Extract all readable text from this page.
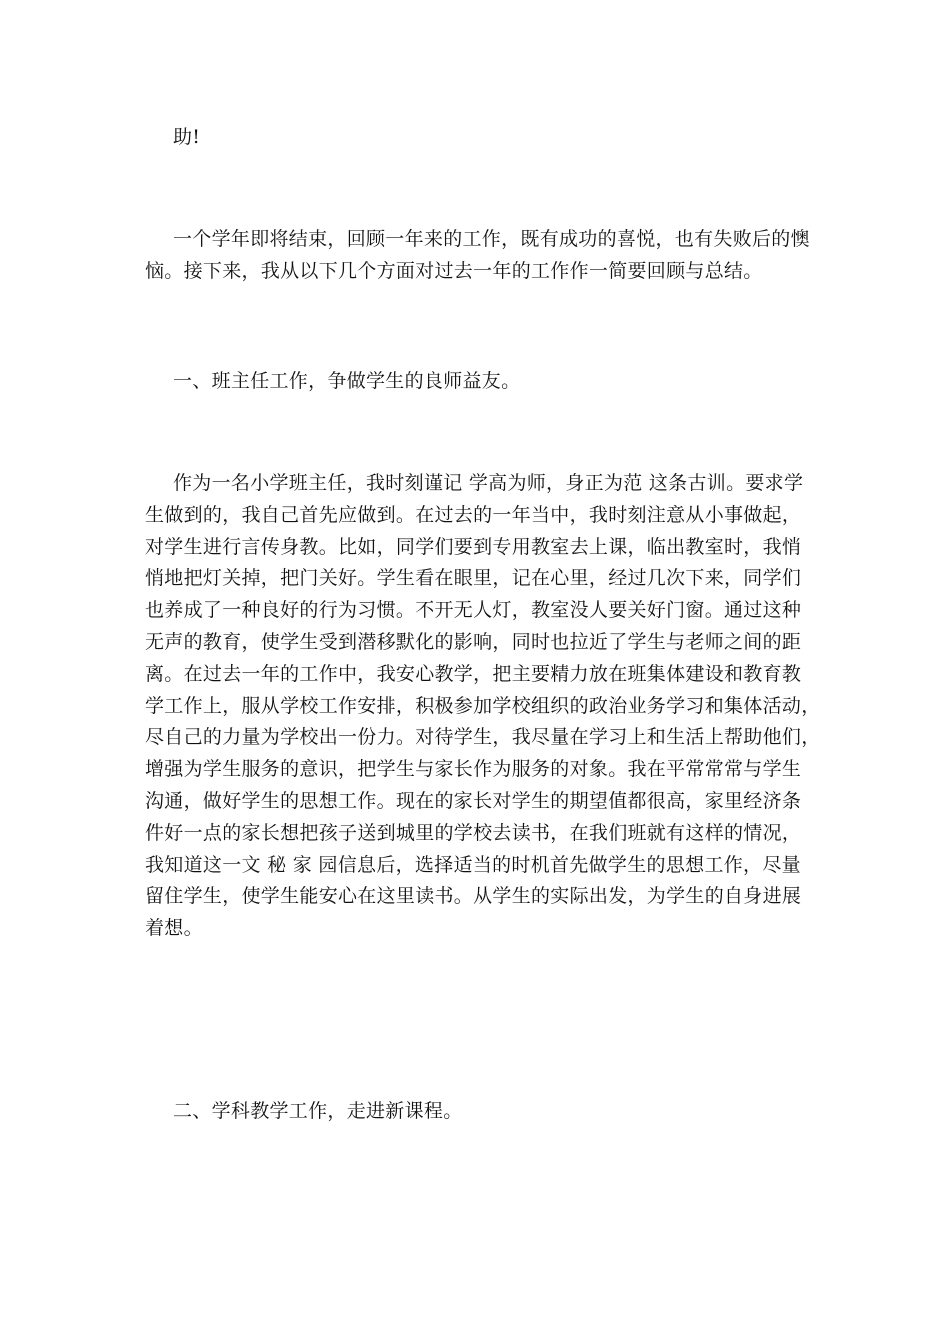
助!
一个学年即将结束，回顾一年来的工作，既有成功的喜悦，也有失败后的懊
恼。接下来，我从以下几个方面对过去一年的工作作一简要回顾与总结。
一、班主任工作，争做学生的良师益友。
作为一名小学班主任，我时刻谨记 学高为师，身正为范 这条古训。要求学
生做到的，我自己首先应做到。在过去的一年当中，我时刻注意从小事做起，
对学生进行言传身教。比如，同学们要到专用教室去上课，临出教室时，我悄
悄地把灯关掉，把门关好。学生看在眼里，记在心里，经过几次下来，同学们
也养成了一种良好的行为习惯。不开无人灯，教室没人要关好门窗。通过这种
无声的教育，使学生受到潜移默化的影响，同时也拉近了学生与老师之间的距
离。在过去一年的工作中，我安心教学，把主要精力放在班集体建设和教育教
学工作上，服从学校工作安排，积极参加学校组织的政治业务学习和集体活动，
尽自己的力量为学校出一份力。对待学生，我尽量在学习上和生活上帮助他们，
增强为学生服务的意识，把学生与家长作为服务的对象。我在平常常常与学生
沟通，做好学生的思想工作。现在的家长对学生的期望值都很高，家里经济条
件好一点的家长想把孩子送到城里的学校去读书，在我们班就有这样的情况，
我知道这一文 秘 家 园信息后，选择适当的时机首先做学生的思想工作，尽量
留住学生，使学生能安心在这里读书。从学生的实际出发，为学生的自身进展
着想。
二、学科教学工作，走进新课程。
